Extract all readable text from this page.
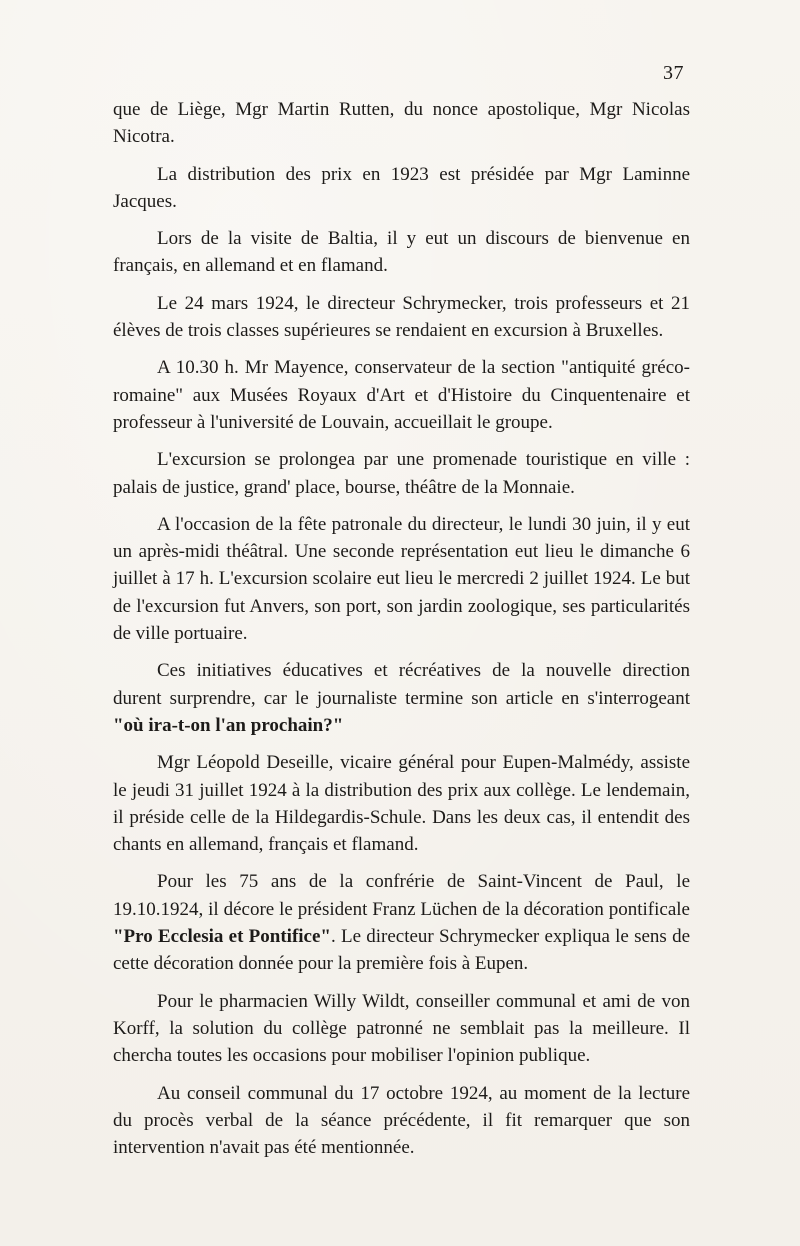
37

que de Liège, Mgr Martin Rutten, du nonce apostolique, Mgr Nicolas Nicotra.

La distribution des prix en 1923 est présidée par Mgr Laminne Jacques.

Lors de la visite de Baltia, il y eut un discours de bienvenue en français, en allemand et en flamand.

Le 24 mars 1924, le directeur Schrymecker, trois professeurs et 21 élèves de trois classes supérieures se rendaient en excursion à Bruxelles.

A 10.30 h. Mr Mayence, conservateur de la section "antiquité gréco-romaine" aux Musées Royaux d'Art et d'Histoire du Cinquentenaire et professeur à l'université de Louvain, accueillait le groupe.

L'excursion se prolongea par une promenade touristique en ville : palais de justice, grand' place, bourse, théâtre de la Monnaie.

A l'occasion de la fête patronale du directeur, le lundi 30 juin, il y eut un après-midi théâtral. Une seconde représentation eut lieu le dimanche 6 juillet à 17 h. L'excursion scolaire eut lieu le mercredi 2 juillet 1924. Le but de l'excursion fut Anvers, son port, son jardin zoologique, ses particularités de ville portuaire.

Ces initiatives éducatives et récréatives de la nouvelle direction durent surprendre, car le journaliste termine son article en s'interrogeant "où ira-t-on l'an prochain?"

Mgr Léopold Deseille, vicaire général pour Eupen-Malmédy, assiste le jeudi 31 juillet 1924 à la distribution des prix aux collège. Le lendemain, il préside celle de la Hildegardis-Schule. Dans les deux cas, il entendit des chants en allemand, français et flamand.

Pour les 75 ans de la confrérie de Saint-Vincent de Paul, le 19.10.1924, il décore le président Franz Lüchen de la décoration pontificale "Pro Ecclesia et Pontifice". Le directeur Schrymecker expliqua le sens de cette décoration donnée pour la première fois à Eupen.

Pour le pharmacien Willy Wildt, conseiller communal et ami de von Korff, la solution du collège patronné ne semblait pas la meilleure. Il chercha toutes les occasions pour mobiliser l'opinion publique.

Au conseil communal du 17 octobre 1924, au moment de la lecture du procès verbal de la séance précédente, il fit remarquer que son intervention n'avait pas été mentionnée.
